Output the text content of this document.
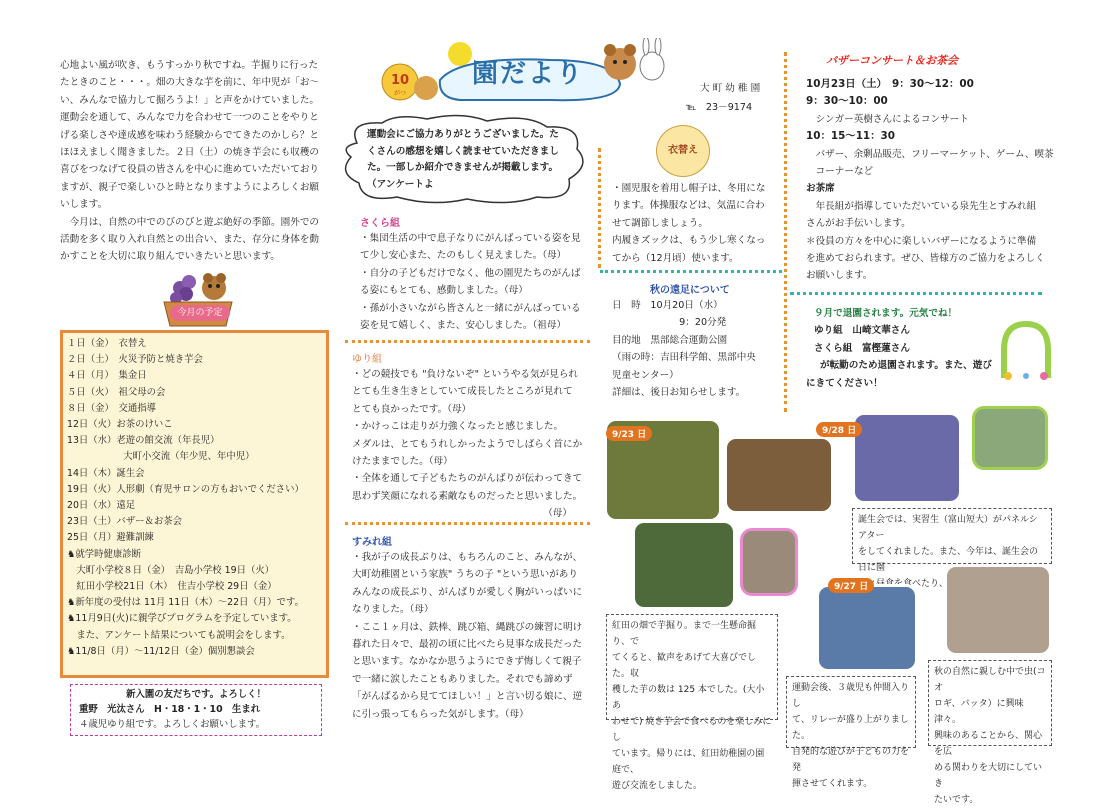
心地よい風が吹き、もうすっかり秋ですね。芋掘りに行った

たときのこと・・・。畑の大きな芋を前に、年中児が「お〜

い、みんなで協力して掘ろうよ！」と声をかけていました。

運動会を通して、みんなで力を合わせて一つのことをやりと

げる楽しさや達成感を味わう経験からでてきたのかしら？と

ほほえましく聞きました。２日（土）の焼き芋会にも収穫の

喜びをつなげて役員の皆さんを中心に進めていただいており

ますが、親子で楽しいひと時となりますようによろしくお願

いします。

　今月は、自然の中でのびのびと遊ぶ絶好の季節。園外での

活動を多く取り入れ自然との出合い、また、存分に身体を動

かすことを大切に取り組んでいきたいと思います。

今月の予定
１日（金）　衣替え
２日（土）　火災予防と焼き芋会
４日（月）　集金日
５日（火）　祖父母の会
８日（金）　交通指導
12日（火）お茶のけいこ
13日（水）老遊の館交流（年長児）
　　　　　　大町小交流（年少児、年中児）
14日（木）誕生会
19日（火）人形劇（育児サロンの方もおいでください）
20日（水）遠足
23日（土）バザー＆お茶会
25日（月）避難訓練
♞就学時健康診断
　大町小学校８日（金）　吉島小学校 19日（火）
　紅田小学校21日（木）　住吉小学校 29日（金）
♞新年度の受付は 11月 11日（木）〜22日（月）です。
♞11月9日(火)に親学びプログラムを予定しています。
　また、アンケート結果についても説明会をします。
♞11/8日（月）〜11/12日（金）個別懇談会
新入園の友だちです。よろしく！
重野　光汰さん　H・18・1・10　生まれ
４歳児ゆり組です。よろしくお願いします。
園だより
10
がつ	大 町 幼 稚 園
℡　23－9174
運動会にご協力ありがとうございました。たくさんの感想を嬉しく読ませていただきました。一部しか紹介できませんが掲載します。（アンケートよ
さくら組

・集団生活の中で息子なりにがんばっている姿を見

て少し安心また、たのもしく見えました。（母）

・自分の子どもだけでなく、他の園児たちのがんば

る姿にもとても、感動しました。（母）

・孫が小さいながら皆さんと一緒にがんばっている

姿を見て嬉しく、また、安心しました。（祖母）

ゆり組

・どの競技でも "負けないぞ" というやる気が見られ

とても生き生きとしていて成長したところが見れて

とても良かったです。（母）

・かけっこは走りが力強くなったと感じました。

メダルは、とてもうれしかったようでしばらく首にか

けたままでした。（母）

・全体を通して子どもたちのがんばりが伝わってきて

思わず笑顔になれる素敵なものだったと思いました。

（母）

すみれ組

・我が子の成長ぶりは、もちろんのこと、みんなが、

大町幼稚園という家族" うちの子 "という思いがあり

みんなの成長ぶり、がんばりが愛しく胸がいっぱいに

なりました。（母）

・ここ１ヶ月は、鉄棒、跳び箱、縄跳びの練習に明け

暮れた日々で、最初の頃に比べたら見事な成長だった

と思います。なかなか思うようにできず悔しくて親子

で一緒に涙したこともありました。それでも諦めず

「がんばるから見ててほしい！」と言い切る娘に、逆

に引っ張ってもらった気がします。（母）

衣替え

・園児服を着用し帽子は、冬用にな

ります。体操服などは、気温に合わ

せて調節しましょう。

内履きズックは、もう少し寒くなっ

てから（12月頃）使います。

秋の遠足について

日　時　10月20日（水）

　　　　　　　9：20分発

目的地　黒部総合運動公園

（雨の時：吉田科学館、黒部中央

児童センター）

詳細は、後日お知らせします。

バザーコンサート＆お茶会

10月23日（土）　9：30〜12：00

9：30〜10：00

　シンガー英樹さんによるコンサート

10：15〜11：30

　バザー、余剰品販売、フリーマーケット、ゲーム、喫茶

　コーナーなど

お茶席

　年長組が指導していただいている泉先生とすみれ組

さんがお手伝いします。

＊役員の方々を中心に楽しいバザーになるように準備

を進めておられます。ぜひ、皆様方のご協力をよろしく

お願いします。

９月で退園されます。元気でね！

ゆり組　山崎文華さん

さくら組　富樫蓮さん

が転勤のため退園されます。また、遊び

にきてください！

9/23 日
紅田の畑で芋掘り。まで一生懸命掘り、で
てくると、歓声をあげて大喜びでした。収
穫した芋の数は 125 本でした。(大小あ
わせて) 焼き芋会で食べるのを楽しみにし
ています。帰りには、紅田幼稚園の園庭で、
遊び交流をしました。
9/28 日
誕生会では、実習生（富山短大）がパネルシアター
をしてくれました。また、今年は、誕生会の日に園
9/27 日
運動会後、３歳児も仲間入りし
て、リレーが盛り上がりました。
自発的な遊びが子どもの力を発
揮させてくれます。
秋の自然に親しむ中で虫(コオ
ロギ、バッタ）に興味津々。
興味のあることから、関心を広
める関わりを大切にしていき
たいです。
